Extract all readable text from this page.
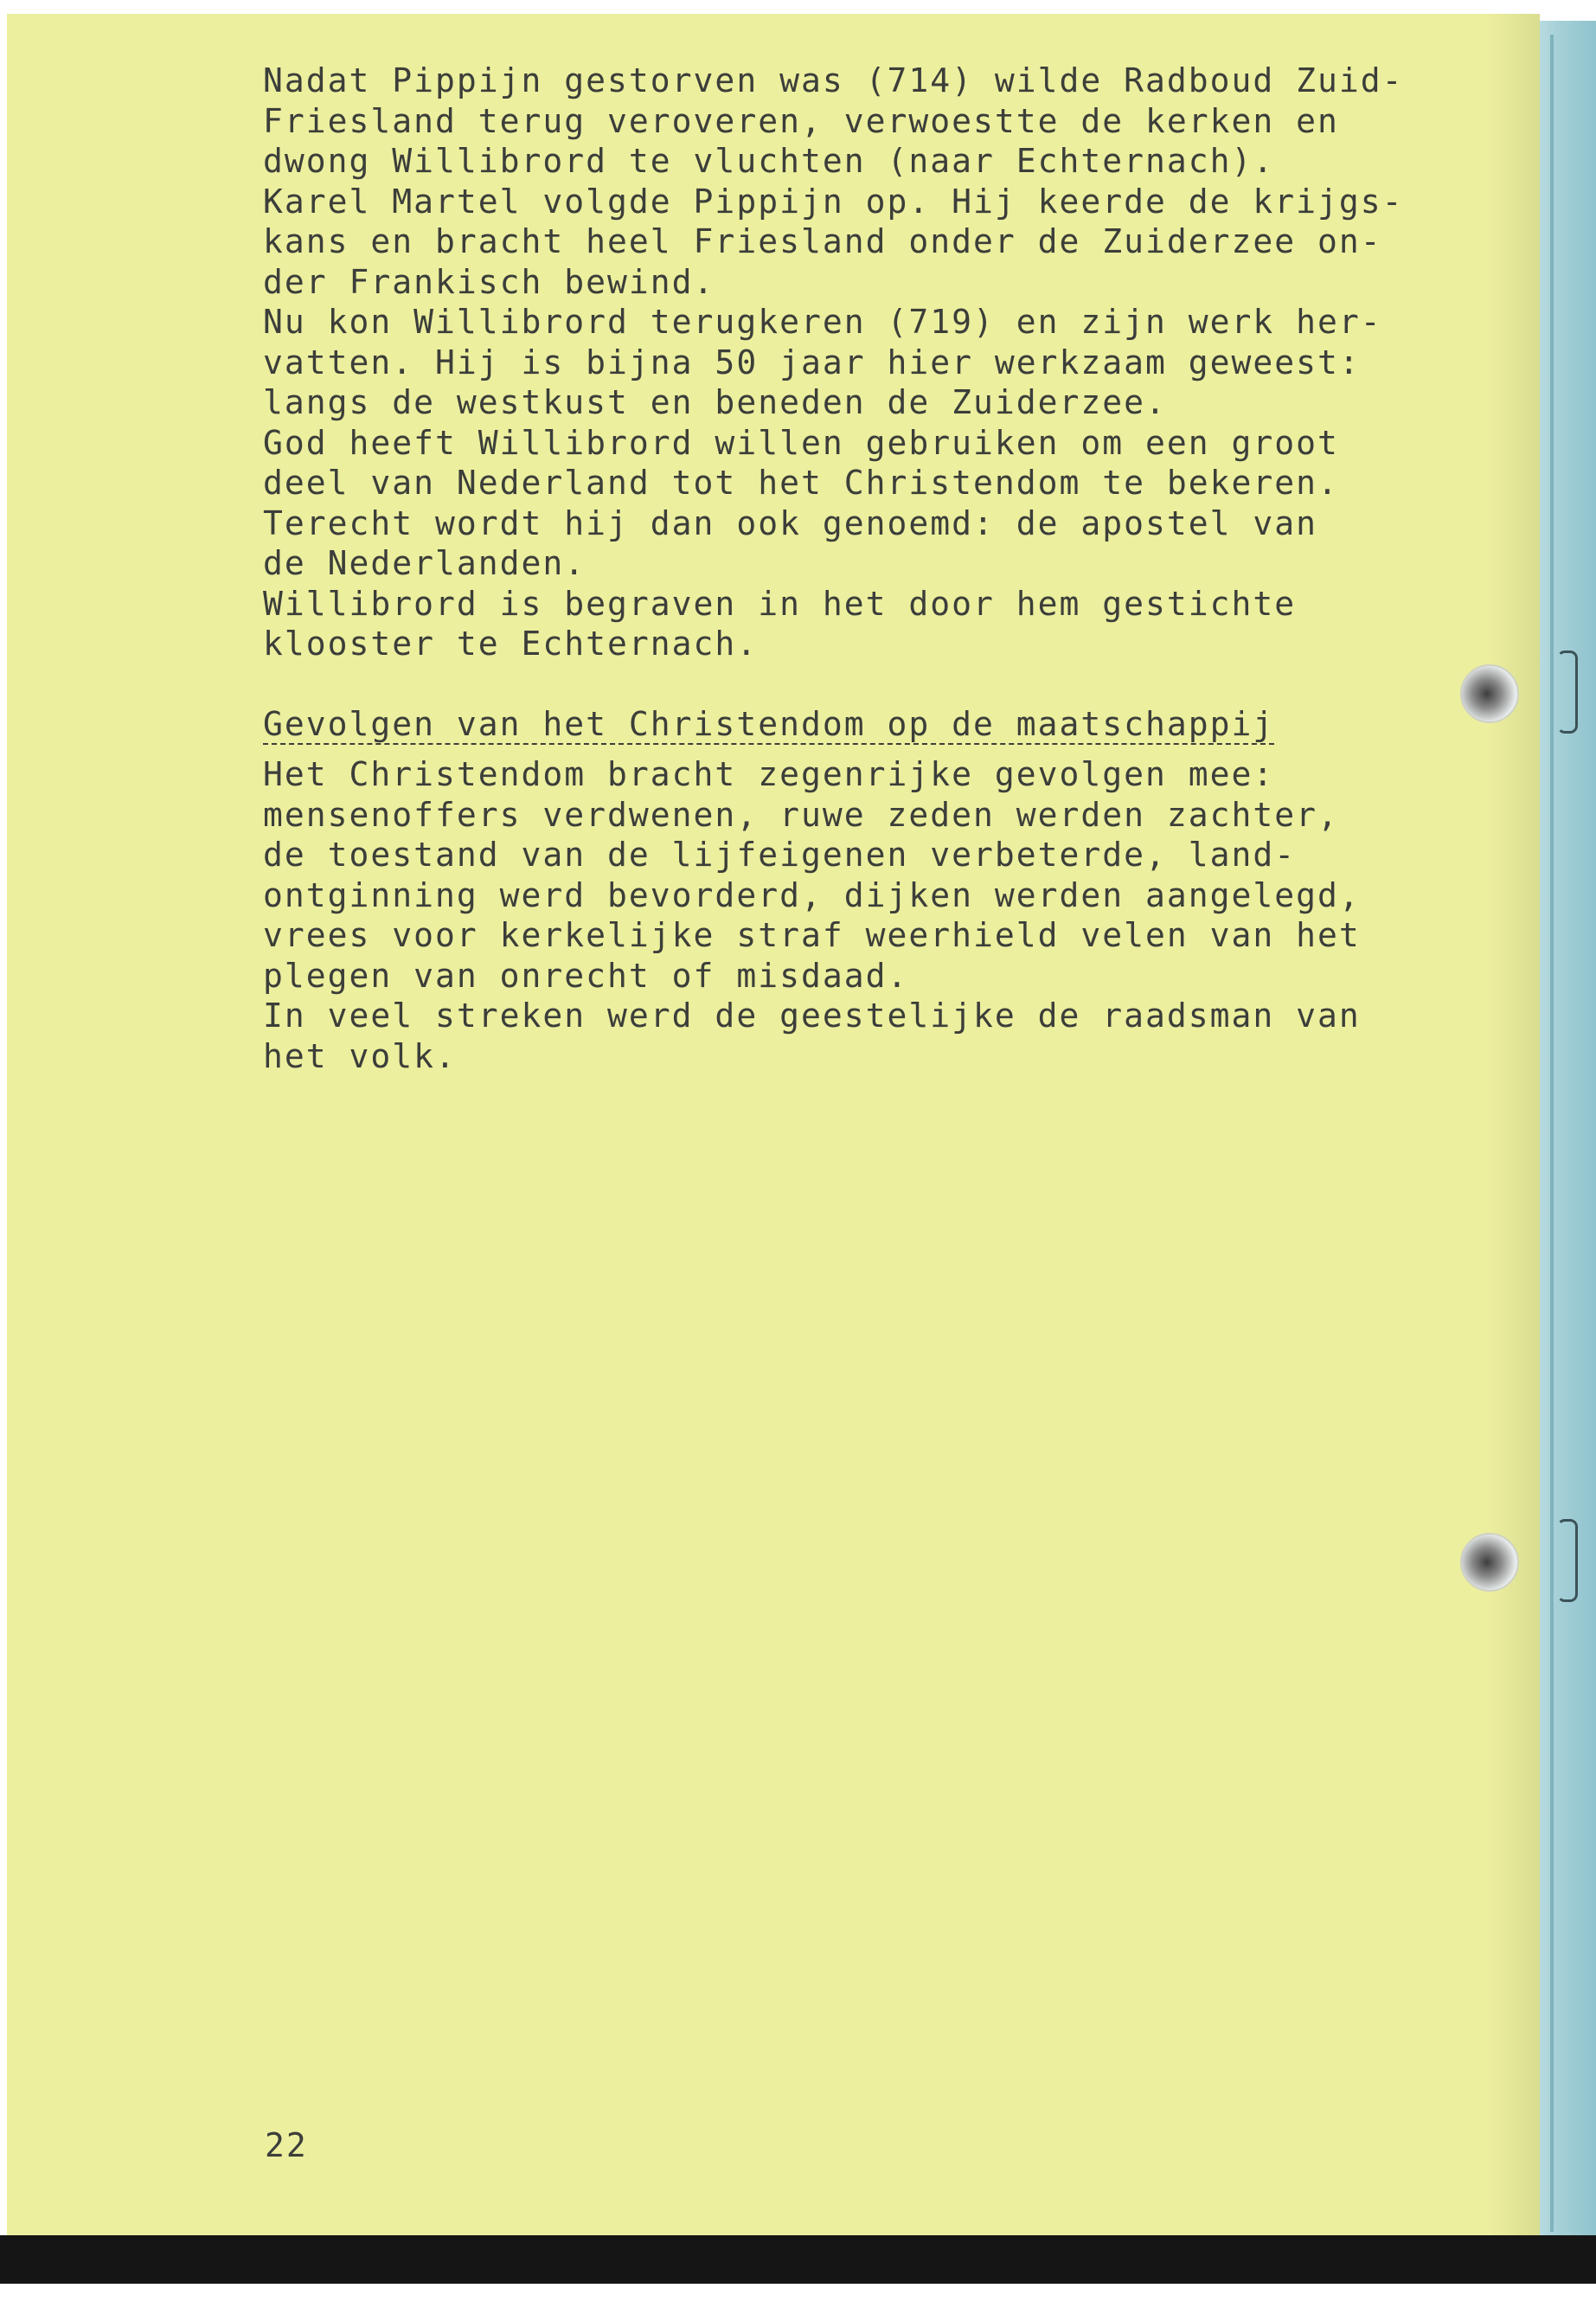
Nadat Pippijn gestorven was (714) wilde Radboud Zuid-
Friesland terug veroveren, verwoestte de kerken en
dwong Willibrord te vluchten (naar Echternach).
Karel Martel volgde Pippijn op. Hij keerde de krijgs-
kans en bracht heel Friesland onder de Zuiderzee on-
der Frankisch bewind.
Nu kon Willibrord terugkeren (719) en zijn werk her-
vatten. Hij is bijna 50 jaar hier werkzaam geweest:
langs de westkust en beneden de Zuiderzee.
God heeft Willibrord willen gebruiken om een groot
deel van Nederland tot het Christendom te bekeren.
Terecht wordt hij dan ook genoemd: de apostel van
de Nederlanden.
Willibrord is begraven in het door hem gestichte
klooster te Echternach.
Gevolgen van het Christendom op de maatschappij
Het Christendom bracht zegenrijke gevolgen mee:
mensenoffers verdwenen, ruwe zeden werden zachter,
de toestand van de lijfeigenen verbeterde, land-
ontginning werd bevorderd, dijken werden aangelegd,
vrees voor kerkelijke straf weerhield velen van het
plegen van onrecht of misdaad.
In veel streken werd de geestelijke de raadsman van
het volk.
22
